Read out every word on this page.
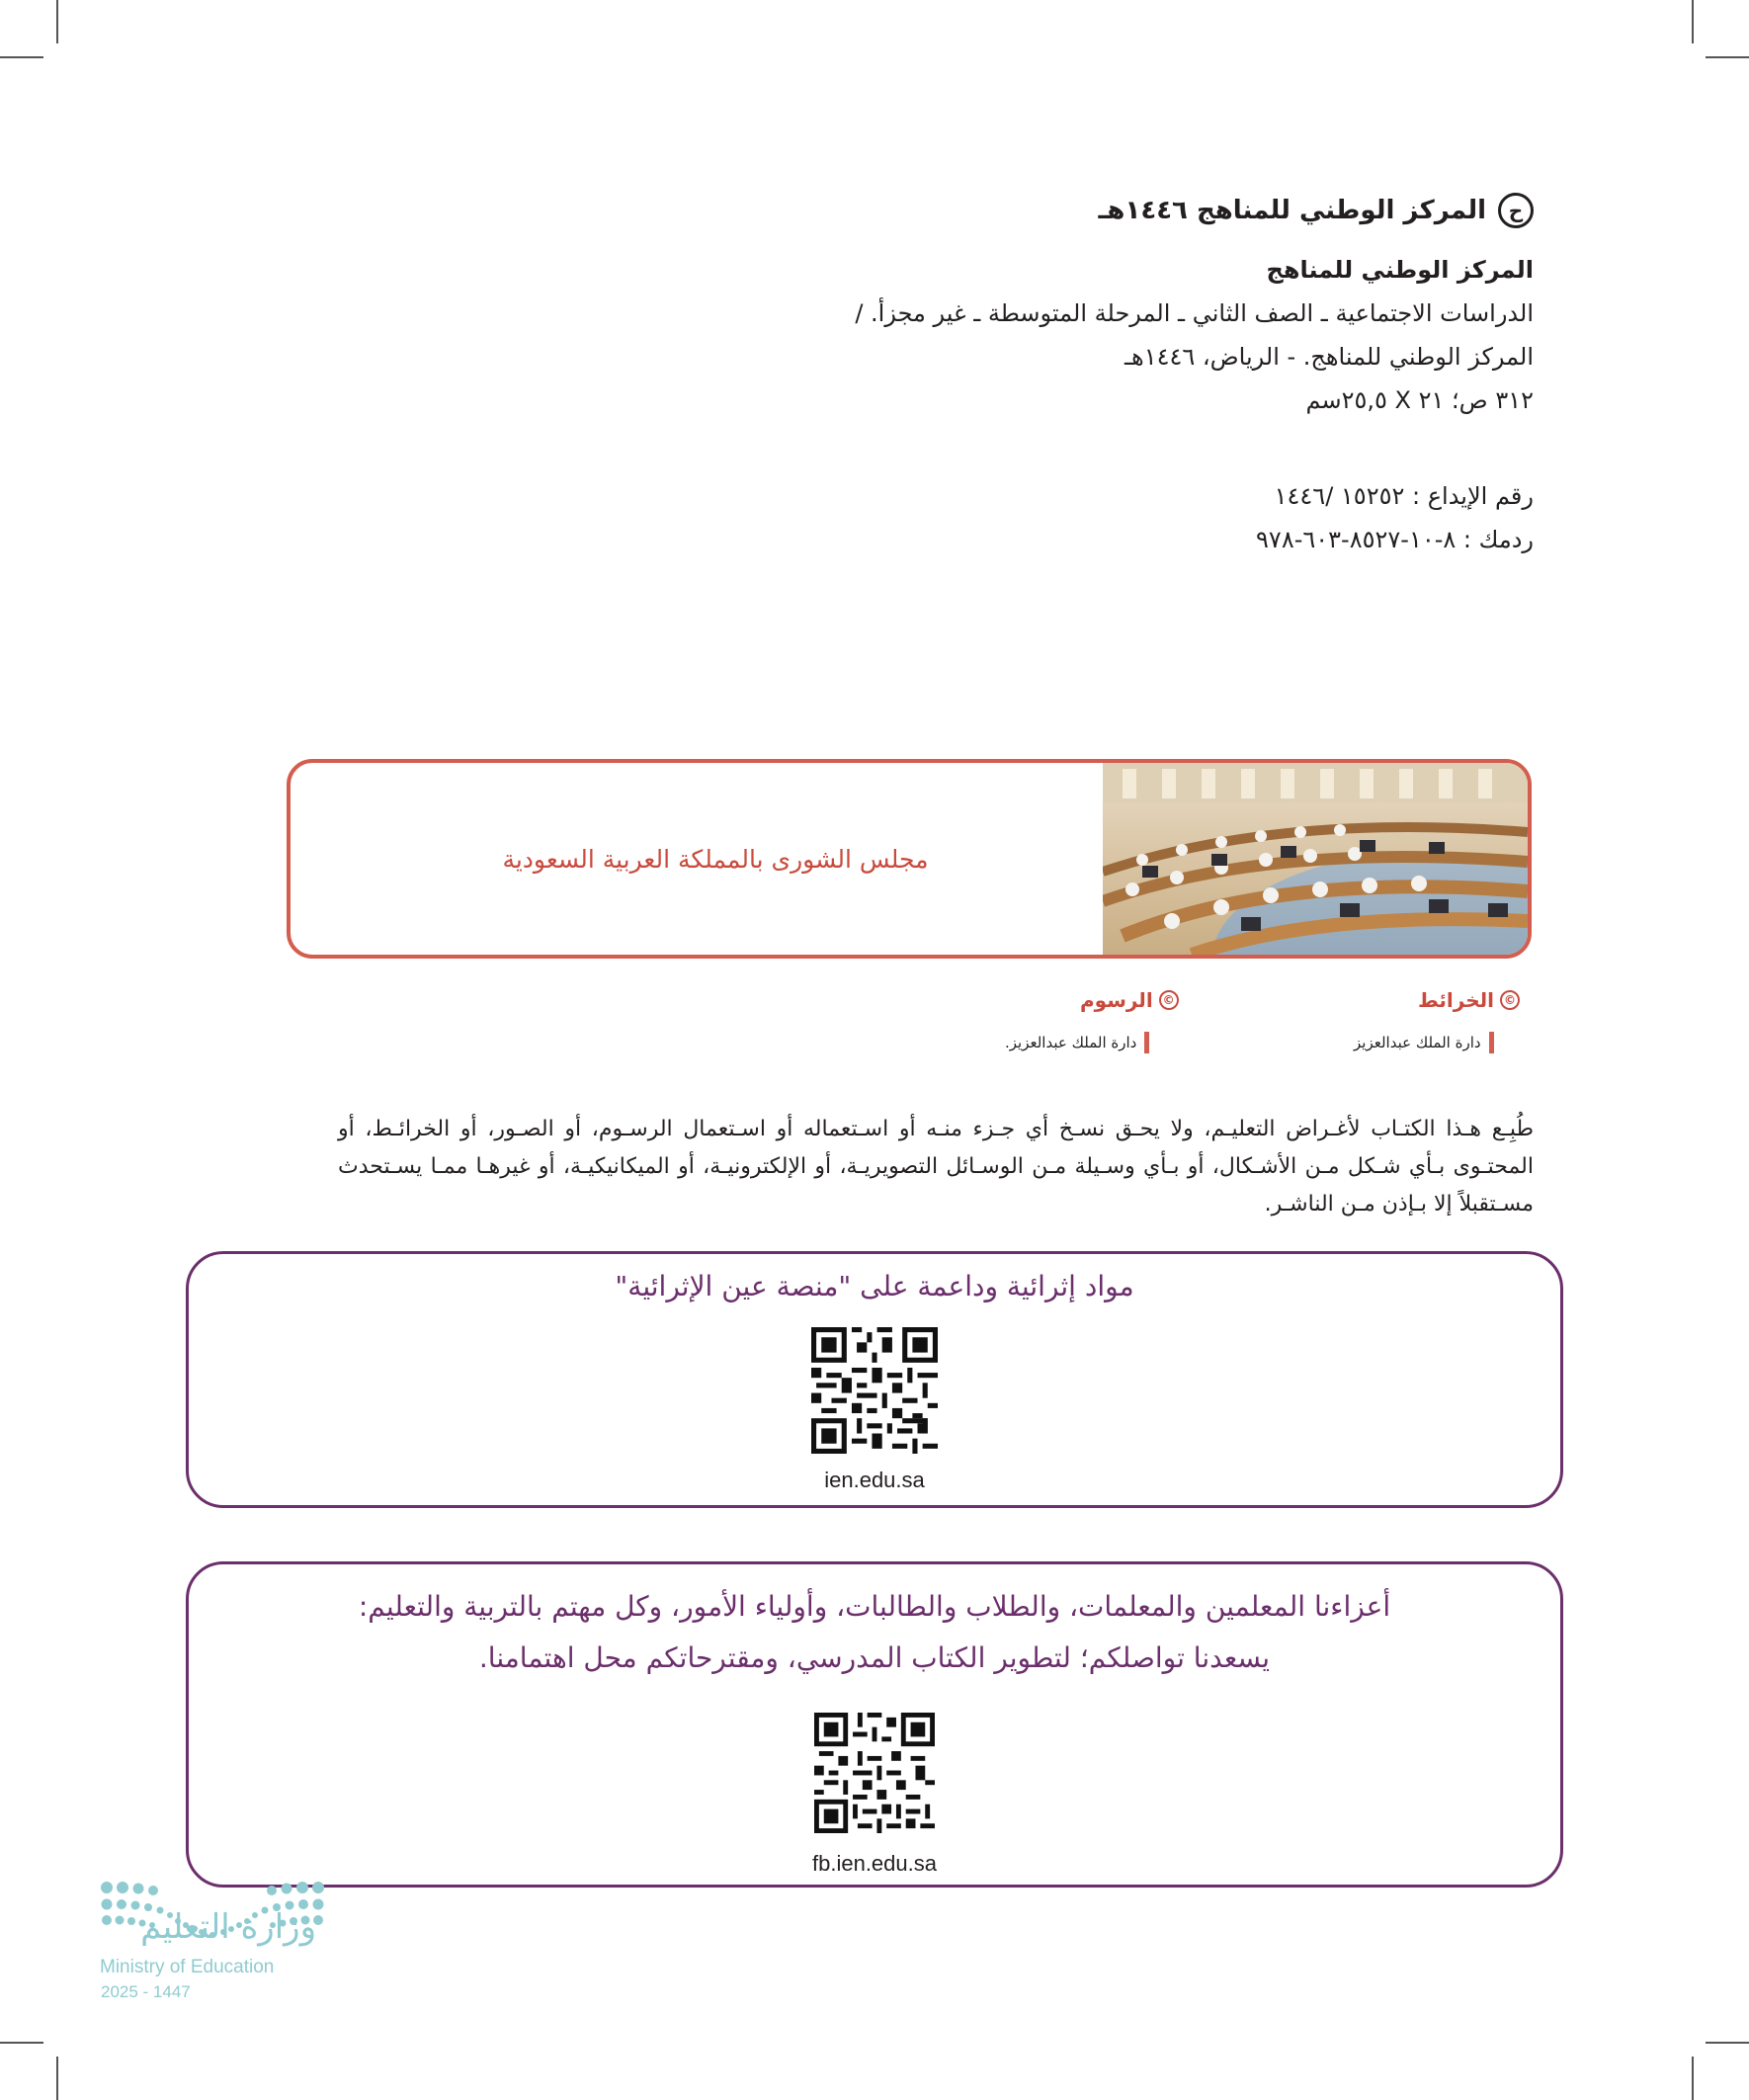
ح
المركز الوطني للمناهج ١٤٤٦هـ

المركز الوطني للمناهج

الدراسات الاجتماعية ـ الصف الثاني ـ المرحلة المتوسطة ـ غير مجزأ. /

المركز الوطني للمناهج. - الرياض، ١٤٤٦هـ

٣١٢ ص؛ ٢١ X ٢٥,٥سم

رقم الإيداع : ١٥٢٥٢ /١٤٤٦

ردمك : ٨-١٠-٨٥٢٧-٦٠٣-٩٧٨

مجلس الشورى بالمملكة العربية السعودية
©
الخرائط
دارة الملك عبدالعزيز
©
الرسوم
دارة الملك عبدالعزيز.

طُبِـع هـذا الكتـاب لأغـراض التعليـم، ولا يحـق نسـخ أي جـزء منـه أو اسـتعماله أو اسـتعمال الرسـوم، أو الصـور، أو الخرائـط، أو المحتـوى بـأي شـكل مـن الأشـكال، أو بـأي وسـيلة مـن الوسـائل التصويريـة، أو الإلكترونيـة، أو الميكانيكيـة، أو غيرهـا ممـا يسـتحدث مسـتقبلاً إلا بـإذن مـن الناشـر.

مواد إثرائية وداعمة على "منصة عين الإثرائية"
ien.edu.sa
أعزاءنا المعلمين والمعلمات، والطلاب والطالبات، وأولياء الأمور، وكل مهتم بالتربية والتعليم:
يسعدنا تواصلكم؛ لتطوير الكتاب المدرسي، ومقترحاتكم محل اهتمامنا.
fb.ien.edu.sa
وزارة التعليم
Ministry of Education
2025 - 1447
